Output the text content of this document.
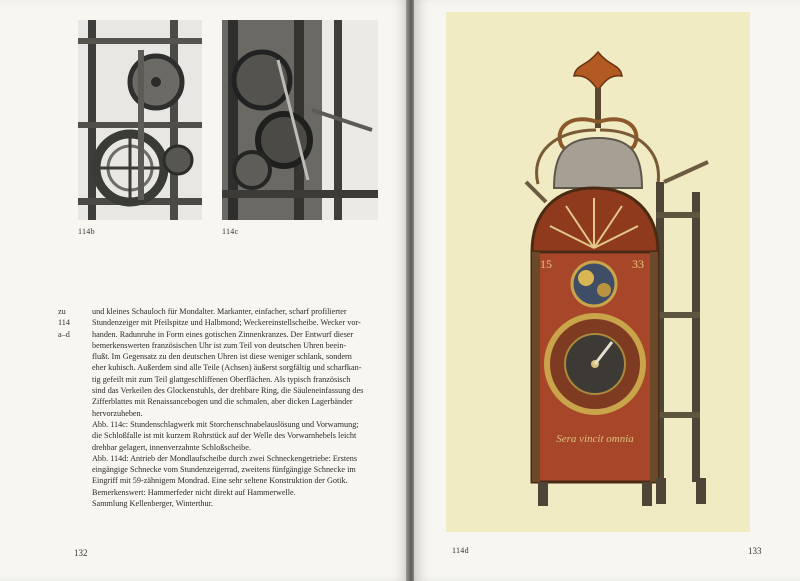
114b	114c
zu
114
a–d
und kleines Schauloch für Mondalter. Markanter, einfacher, scharf profilierter
Stundenzeiger mit Pfeilspitze und Halbmond; Weckereinstellscheibe. Wecker vor-
handen. Radunruhe in Form eines gotischen Zinnenkranzes. Der Entwurf dieser
bemerkenswerten französischen Uhr ist zum Teil von deutschen Uhren beein-
flußt. Im Gegensatz zu den deutschen Uhren ist diese weniger schlank, sondern
eher kubisch. Außerdem sind alle Teile (Achsen) äußerst sorgfältig und scharfkan-
tig gefeilt mit zum Teil glattgeschliffenen Oberflächen. Als typisch französisch
sind das Verkeilen des Glockenstuhls, der drehbare Ring, die Säuleneinfassung des
Zifferblattes mit Renaissancebogen und die schmalen, aber dicken Lagerbänder
hervorzuheben.
Abb. 114c: Stundenschlagwerk mit Storchenschnabelauslösung und Vorwarnung;
die Schloßfalle ist mit kurzem Rohrstück auf der Welle des Vorwarnhebels leicht
drehbar gelagert, innenverzahnte Schloßscheibe.
Abb. 114d: Antrieb der Mondlaufscheibe durch zwei Schneckengetriebe: Erstens
eingängige Schnecke vom Stundenzeigerrad, zweitens fünfgängige Schnecke im
Eingriff mit 59-zähnigem Mondrad. Eine sehr seltene Konstruktion der Gotik.
Bemerkenswert: Hammerfeder nicht direkt auf Hammerwelle.
Sammlung Kellenberger, Winterthur.
132
15	33
Sera vincit omnia
114d	133
